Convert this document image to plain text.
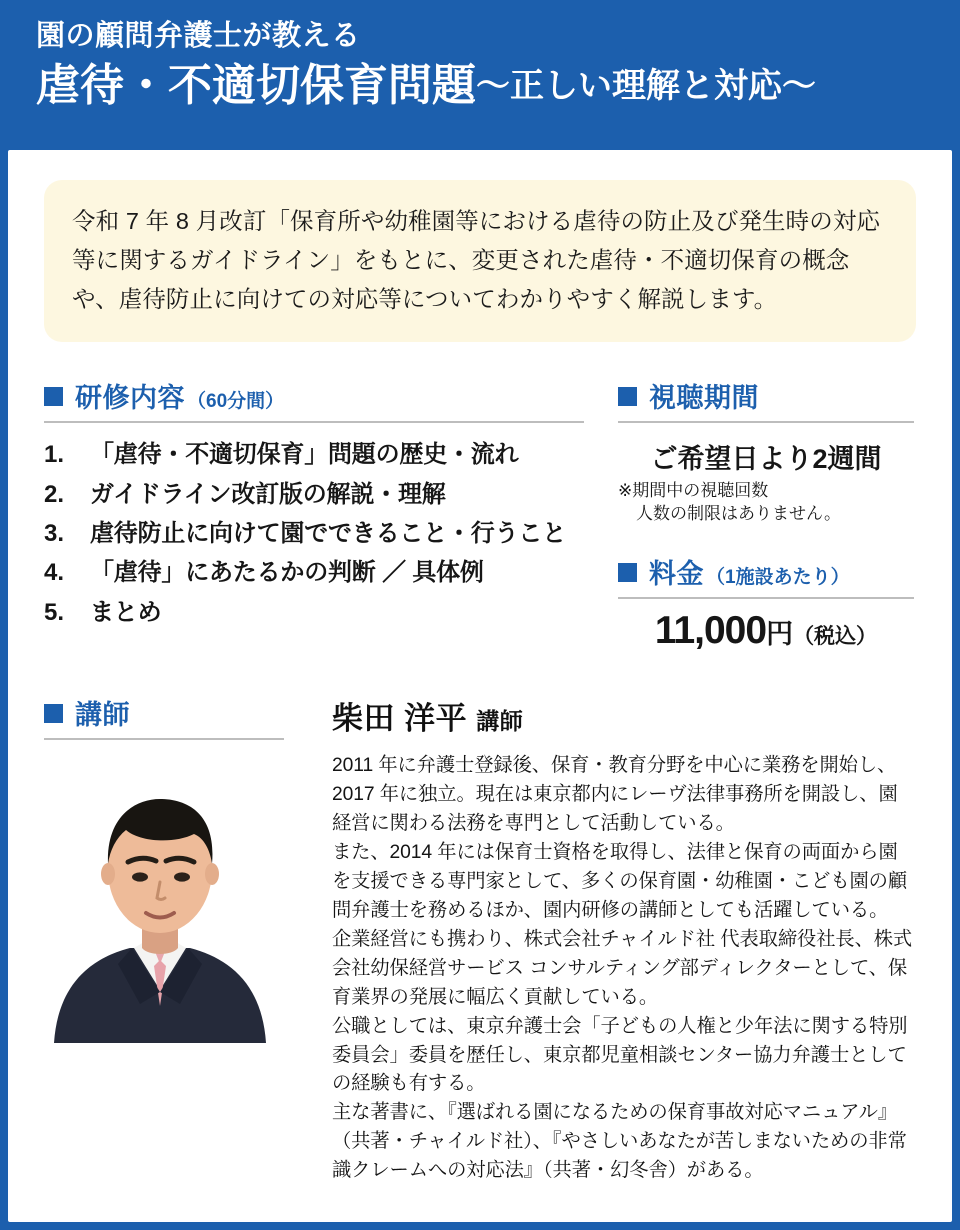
園の顧問弁護士が教える
虐待・不適切保育問題〜正しい理解と対応〜
令和 7 年 8 月改訂「保育所や幼稚園等における虐待の防止及び発生時の対応等に関するガイドライン」をもとに、変更された虐待・不適切保育の概念や、虐待防止に向けての対応等についてわかりやすく解説します。
研修内容 （60分間）
1.	「虐待・不適切保育」問題の歴史・流れ
2.	ガイドライン改訂版の解説・理解
3.	虐待防止に向けて園でできること・行うこと
4.	「虐待」にあたるかの判断 ／ 具体例
5.	まとめ
視聴期間
ご希望日より2週間
※期間中の視聴回数
人数の制限はありません。
料金 （1施設あたり）
11,000円（税込）
講師	柴田 洋平 講師

2011 年に弁護士登録後、保育・教育分野を中心に業務を開始し、2017 年に独立。現在は東京都内にレーヴ法律事務所を開設し、園経営に関わる法務を専門として活動している。

また、2014 年には保育士資格を取得し、法律と保育の両面から園を支援できる専門家として、多くの保育園・幼稚園・こども園の顧問弁護士を務めるほか、園内研修の講師としても活躍している。

企業経営にも携わり、株式会社チャイルド社 代表取締役社長、株式会社幼保経営サービス コンサルティング部ディレクターとして、保育業界の発展に幅広く貢献している。

公職としては、東京弁護士会「子どもの人権と少年法に関する特別委員会」委員を歴任し、東京都児童相談センター協力弁護士としての経験も有する。

主な著書に、『選ばれる園になるための保育事故対応マニュアル』（共著・チャイルド社）、『やさしいあなたが苦しまないための非常識クレームへの対応法』（共著・幻冬舎）がある。
